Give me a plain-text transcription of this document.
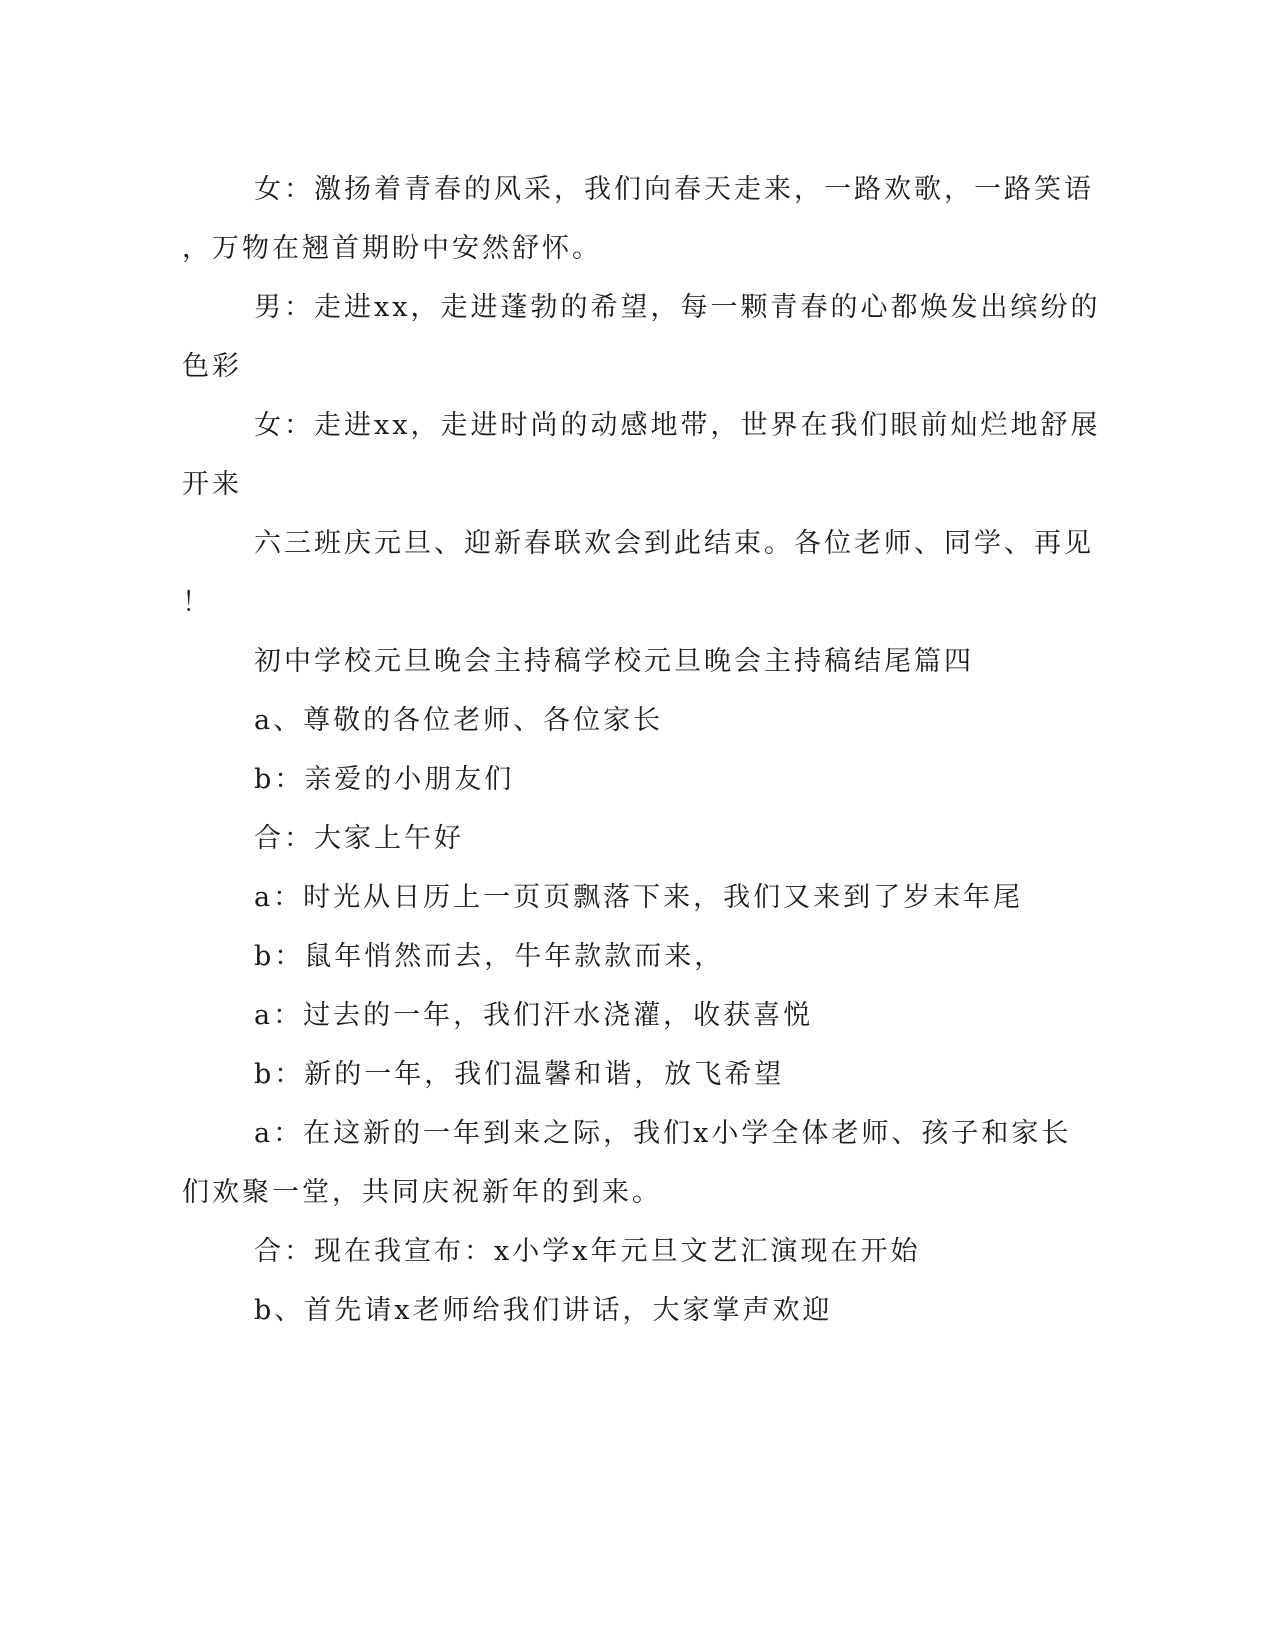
女：激扬着青春的风采，我们向春天走来，一路欢歌，一路笑语

，万物在翘首期盼中安然舒怀。

男：走进xx，走进蓬勃的希望，每一颗青春的心都焕发出缤纷的

色彩

女：走进xx，走进时尚的动感地带，世界在我们眼前灿烂地舒展

开来

六三班庆元旦、迎新春联欢会到此结束。各位老师、同学、再见

！

初中学校元旦晚会主持稿学校元旦晚会主持稿结尾篇四

a、尊敬的各位老师、各位家长

b：亲爱的小朋友们

合：大家上午好

a：时光从日历上一页页飘落下来，我们又来到了岁末年尾

b：鼠年悄然而去，牛年款款而来，

a：过去的一年，我们汗水浇灌，收获喜悦

b：新的一年，我们温馨和谐，放飞希望

a：在这新的一年到来之际，我们x小学全体老师、孩子和家长

们欢聚一堂，共同庆祝新年的到来。

合：现在我宣布：x小学x年元旦文艺汇演现在开始

b、首先请x老师给我们讲话，大家掌声欢迎
